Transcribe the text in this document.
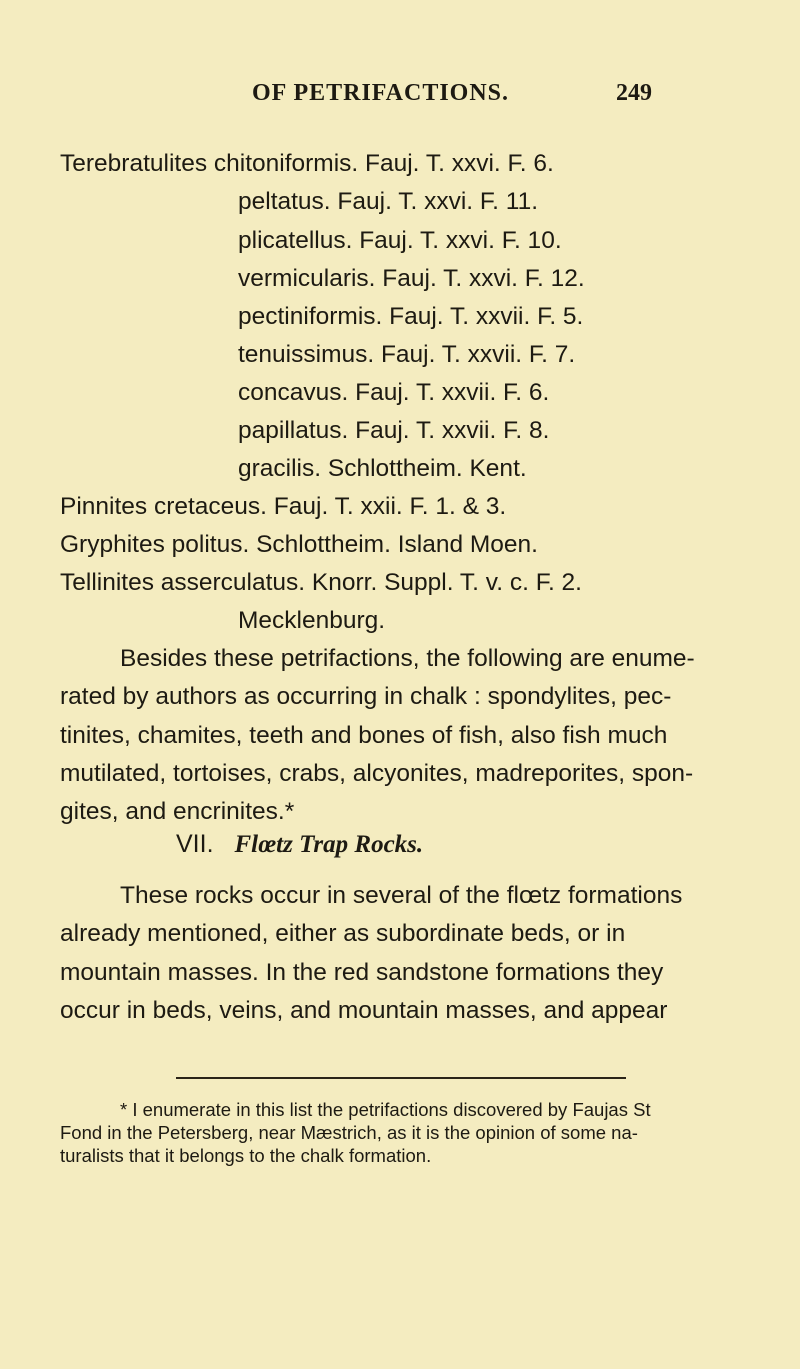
OF PETRIFACTIONS.	249
Terebratulites chitoniformis. Fauj. T. xxvi. F. 6.
peltatus. Fauj. T. xxvi. F. 11.
plicatellus. Fauj. T. xxvi. F. 10.
vermicularis. Fauj. T. xxvi. F. 12.
pectiniformis. Fauj. T. xxvii. F. 5.
tenuissimus. Fauj. T. xxvii. F. 7.
concavus. Fauj. T. xxvii. F. 6.
papillatus. Fauj. T. xxvii. F. 8.
gracilis. Schlottheim. Kent.
Pinnites cretaceus. Fauj. T. xxii. F. 1. & 3.
Gryphites politus. Schlottheim. Island Moen.
Tellinites asserculatus. Knorr. Suppl. T. v. c. F. 2.
Mecklenburg.
Besides these petrifactions, the following are enume-
rated by authors as occurring in chalk : spondylites, pec-
tinites, chamites, teeth and bones of fish, also fish much
mutilated, tortoises, crabs, alcyonites, madreporites, spon-
gites, and encrinites.*
VII. Flœtz Trap Rocks.
These rocks occur in several of the flœtz formations
already mentioned, either as subordinate beds, or in
mountain masses. In the red sandstone formations they
occur in beds, veins, and mountain masses, and appear
* I enumerate in this list the petrifactions discovered by Faujas St
Fond in the Petersberg, near Mæstrich, as it is the opinion of some na-
turalists that it belongs to the chalk formation.
